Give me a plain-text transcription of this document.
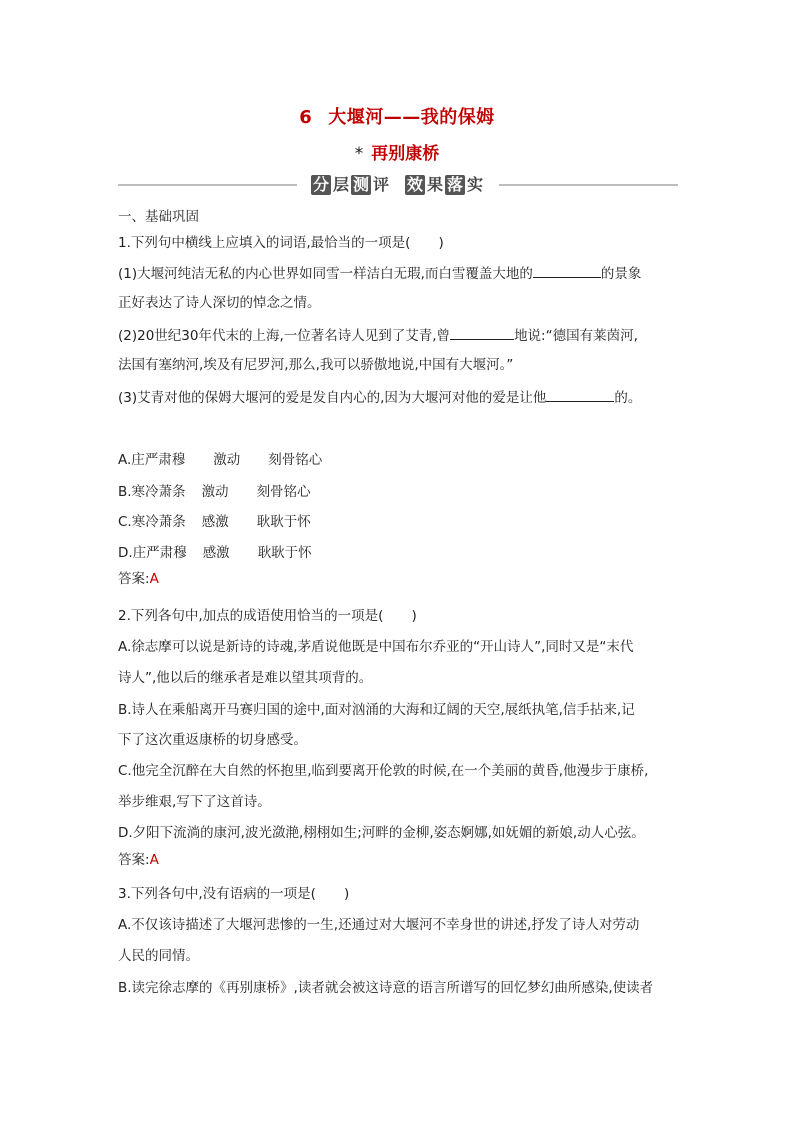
6 大堰河——我的保姆
* 再别康桥
分 层 测 评 效 果 落 实
一、基础巩固
1.下列句中横线上应填入的词语,最恰当的一项是( )
(1)大堰河纯洁无私的内心世界如同雪一样洁白无瑕,而白雪覆盖大地的	的景象
正好表达了诗人深切的悼念之情。
(2)20世纪30年代末的上海,一位著名诗人见到了艾青,曾	地说:“德国有莱茵河,
法国有塞纳河,埃及有尼罗河,那么,我可以骄傲地说,中国有大堰河。”
(3)艾青对他的保姆大堰河的爱是发自内心的,因为大堰河对他的爱是让他	的。
A.庄严肃穆 激动 刻骨铭心
B.寒冷萧条 激动 刻骨铭心
C.寒冷萧条 感激 耿耿于怀
D.庄严肃穆 感激 耿耿于怀
答案:A
2.下列各句中,加点的成语使用恰当的一项是( )
A.徐志摩可以说是新诗的诗魂,茅盾说他既是中国布尔乔亚的“开山诗人”,同时又是“末代
诗人”,他以后的继承者是难以望其项背的。
B.诗人在乘船离开马赛归国的途中,面对汹涌的大海和辽阔的天空,展纸执笔,信手拈来,记
下了这次重返康桥的切身感受。
C.他完全沉醉在大自然的怀抱里,临到要离开伦敦的时候,在一个美丽的黄昏,他漫步于康桥,
举步维艰,写下了这首诗。
D.夕阳下流淌的康河,波光潋滟,栩栩如生;河畔的金柳,姿态婀娜,如妩媚的新娘,动人心弦。
答案:A
3.下列各句中,没有语病的一项是( )
A.不仅该诗描述了大堰河悲惨的一生,还通过对大堰河不幸身世的讲述,抒发了诗人对劳动
人民的同情。
B.读完徐志摩的《再别康桥》,读者就会被这诗意的语言所谱写的回忆梦幻曲所感染,使读者
